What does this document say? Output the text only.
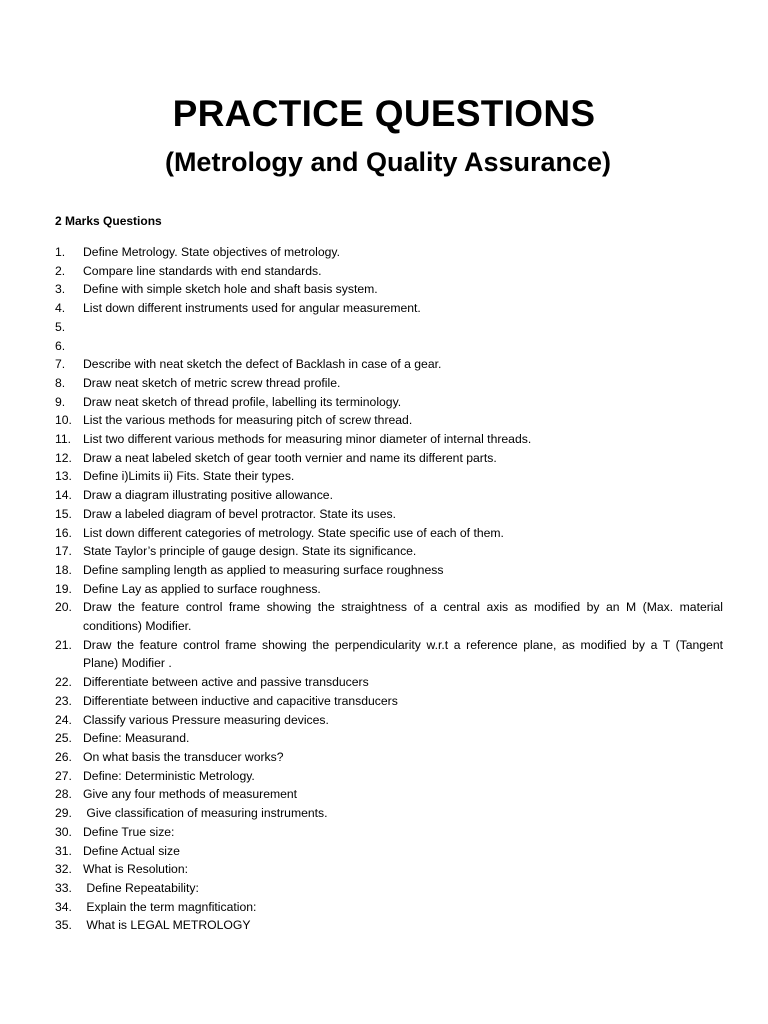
PRACTICE QUESTIONS
(Metrology and Quality Assurance)
2 Marks Questions
1.	Define Metrology. State objectives of metrology.
2.	Compare line standards with end standards.
3.	Define with simple sketch hole and shaft basis system.
4.	List down different instruments used for angular measurement.
5.
6.
7.	Describe with neat sketch the defect of Backlash in case of a gear.
8.	Draw neat sketch of metric screw thread profile.
9.	Draw neat sketch of thread profile, labelling its terminology.
10. List the various methods for measuring pitch of screw thread.
11. List two different various methods for measuring minor diameter of internal threads.
12. Draw a neat labeled sketch of gear tooth vernier and name its different parts.
13. Define i)Limits ii) Fits. State their types.
14. Draw a diagram illustrating positive allowance.
15. Draw a labeled diagram of bevel protractor. State its uses.
16. List down different categories of metrology. State specific use of each of them.
17. State Taylor’s principle of gauge design. State its significance.
18. Define sampling length as applied to measuring surface roughness
19. Define Lay as applied to surface roughness.
20. Draw the feature control frame showing the straightness of a central axis as modified by an M (Max. material conditions) Modifier.
21. Draw the feature control frame showing the perpendicularity w.r.t a reference plane, as modified by a T (Tangent Plane) Modifier .
22. Differentiate between active and passive transducers
23. Differentiate between inductive and capacitive transducers
24. Classify various Pressure measuring devices.
25. Define: Measurand.
26. On what basis the transducer works?
27. Define: Deterministic Metrology.
28. Give any four methods of measurement
29. Give classification of measuring instruments.
30. Define True size:
31. Define Actual size
32. What is Resolution:
33. Define Repeatability:
34. Explain the term magnfitication:
35. What is LEGAL METROLOGY
